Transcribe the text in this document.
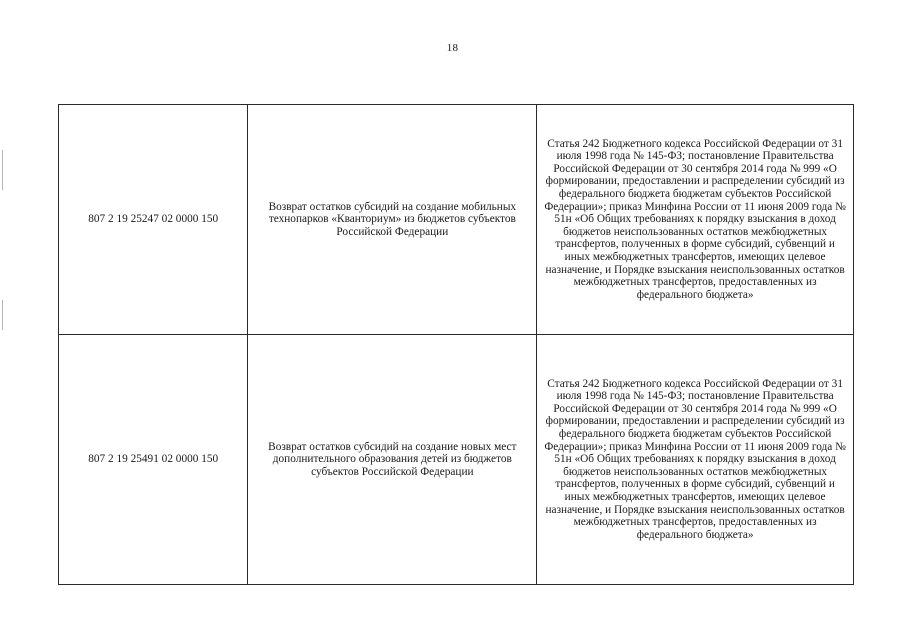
18
807 2 19 25247 02 0000 150	Возврат остатков субсидий на создание мобильных технопарков «Кванториум» из бюджетов субъектов Российской Федерации	Статья 242 Бюджетного кодекса Российской Федерации от 31 июля 1998 года № 145-ФЗ; постановление Правительства Российской Федерации от 30 сентября 2014 года № 999 «О формировании, предоставлении и распределении субсидий из федерального бюджета бюджетам субъектов Российской Федерации»; приказ Минфина России от 11 июня 2009 года № 51н «Об Общих требованиях к порядку взыскания в доход бюджетов неиспользованных остатков межбюджетных трансфертов, полученных в форме субсидий, субвенций и иных межбюджетных трансфертов, имеющих целевое назначение, и Порядке взыскания неиспользованных остатков межбюджетных трансфертов, предоставленных из федерального бюджета»

807 2 19 25491 02 0000 150	Возврат остатков субсидий на создание новых мест дополнительного образования детей из бюджетов субъектов Российской Федерации	Статья 242 Бюджетного кодекса Российской Федерации от 31 июля 1998 года № 145-ФЗ; постановление Правительства Российской Федерации от 30 сентября 2014 года № 999 «О формировании, предоставлении и распределении субсидий из федерального бюджета бюджетам субъектов Российской Федерации»; приказ Минфина России от 11 июня 2009 года № 51н «Об Общих требованиях к порядку взыскания в доход бюджетов неиспользованных остатков межбюджетных трансфертов, полученных в форме субсидий, субвенций и иных межбюджетных трансфертов, имеющих целевое назначение, и Порядке взыскания неиспользованных остатков межбюджетных трансфертов, предоставленных из федерального бюджета»
